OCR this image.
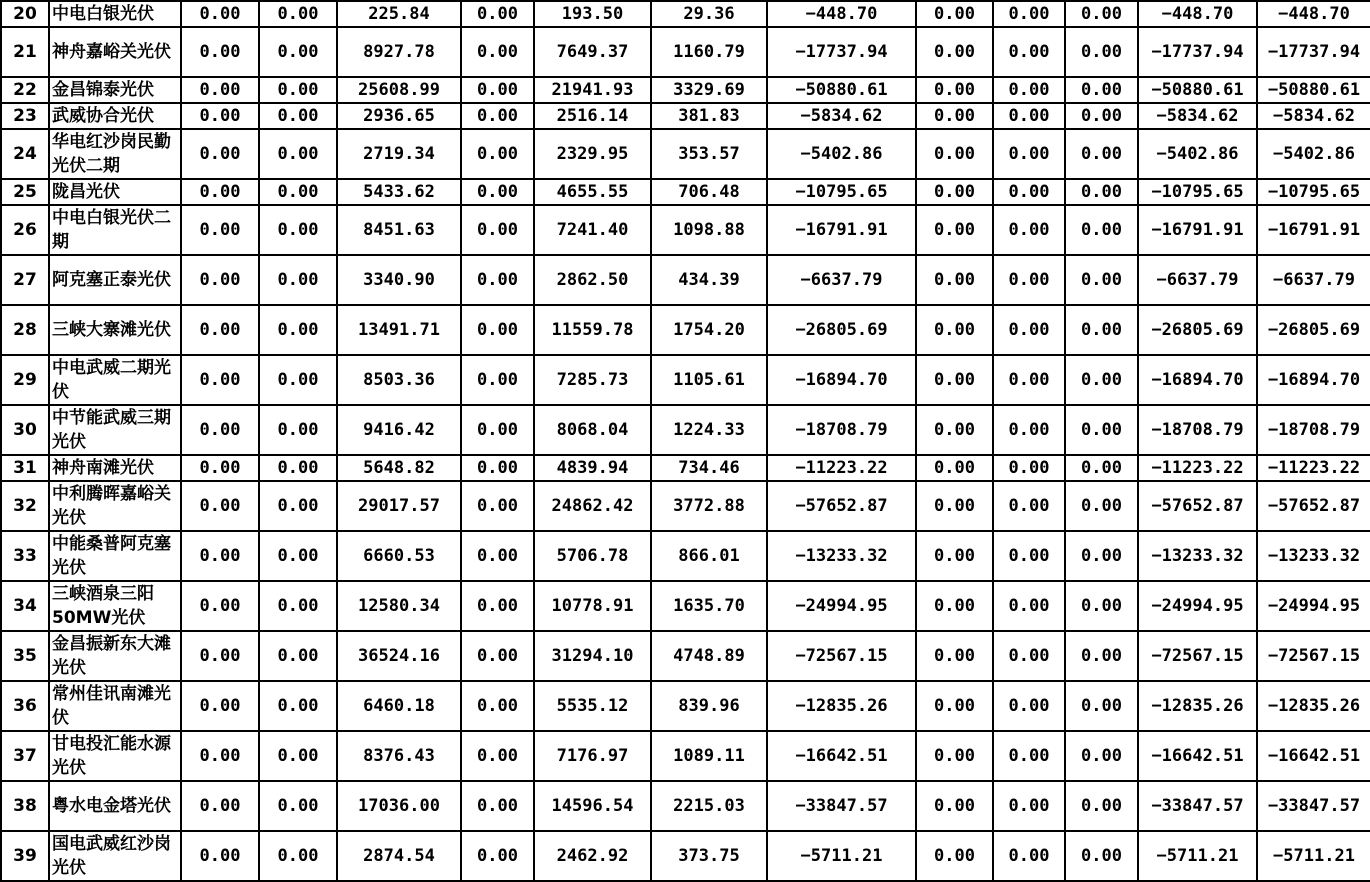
20	中电白银光伏	0.00	0.00	225.84	0.00	193.50	29.36	−448.70	0.00	0.00	0.00	−448.70	−448.70
21	神舟嘉峪关光伏	0.00	0.00	8927.78	0.00	7649.37	1160.79	−17737.94	0.00	0.00	0.00	−17737.94	−17737.94
22	金昌锦泰光伏	0.00	0.00	25608.99	0.00	21941.93	3329.69	−50880.61	0.00	0.00	0.00	−50880.61	−50880.61
23	武威协合光伏	0.00	0.00	2936.65	0.00	2516.14	381.83	−5834.62	0.00	0.00	0.00	−5834.62	−5834.62
24	华电红沙岗民勤光伏二期	0.00	0.00	2719.34	0.00	2329.95	353.57	−5402.86	0.00	0.00	0.00	−5402.86	−5402.86
25	陇昌光伏	0.00	0.00	5433.62	0.00	4655.55	706.48	−10795.65	0.00	0.00	0.00	−10795.65	−10795.65
26	中电白银光伏二期	0.00	0.00	8451.63	0.00	7241.40	1098.88	−16791.91	0.00	0.00	0.00	−16791.91	−16791.91
27	阿克塞正泰光伏	0.00	0.00	3340.90	0.00	2862.50	434.39	−6637.79	0.00	0.00	0.00	−6637.79	−6637.79
28	三峡大寨滩光伏	0.00	0.00	13491.71	0.00	11559.78	1754.20	−26805.69	0.00	0.00	0.00	−26805.69	−26805.69
29	中电武威二期光伏	0.00	0.00	8503.36	0.00	7285.73	1105.61	−16894.70	0.00	0.00	0.00	−16894.70	−16894.70
30	中节能武威三期光伏	0.00	0.00	9416.42	0.00	8068.04	1224.33	−18708.79	0.00	0.00	0.00	−18708.79	−18708.79
31	神舟南滩光伏	0.00	0.00	5648.82	0.00	4839.94	734.46	−11223.22	0.00	0.00	0.00	−11223.22	−11223.22
32	中利腾晖嘉峪关光伏	0.00	0.00	29017.57	0.00	24862.42	3772.88	−57652.87	0.00	0.00	0.00	−57652.87	−57652.87
33	中能桑普阿克塞光伏	0.00	0.00	6660.53	0.00	5706.78	866.01	−13233.32	0.00	0.00	0.00	−13233.32	−13233.32
34	三峡酒泉三阳50MW光伏	0.00	0.00	12580.34	0.00	10778.91	1635.70	−24994.95	0.00	0.00	0.00	−24994.95	−24994.95
35	金昌振新东大滩光伏	0.00	0.00	36524.16	0.00	31294.10	4748.89	−72567.15	0.00	0.00	0.00	−72567.15	−72567.15
36	常州佳讯南滩光伏	0.00	0.00	6460.18	0.00	5535.12	839.96	−12835.26	0.00	0.00	0.00	−12835.26	−12835.26
37	甘电投汇能水源光伏	0.00	0.00	8376.43	0.00	7176.97	1089.11	−16642.51	0.00	0.00	0.00	−16642.51	−16642.51
38	粤水电金塔光伏	0.00	0.00	17036.00	0.00	14596.54	2215.03	−33847.57	0.00	0.00	0.00	−33847.57	−33847.57
39	国电武威红沙岗光伏	0.00	0.00	2874.54	0.00	2462.92	373.75	−5711.21	0.00	0.00	0.00	−5711.21	−5711.21
